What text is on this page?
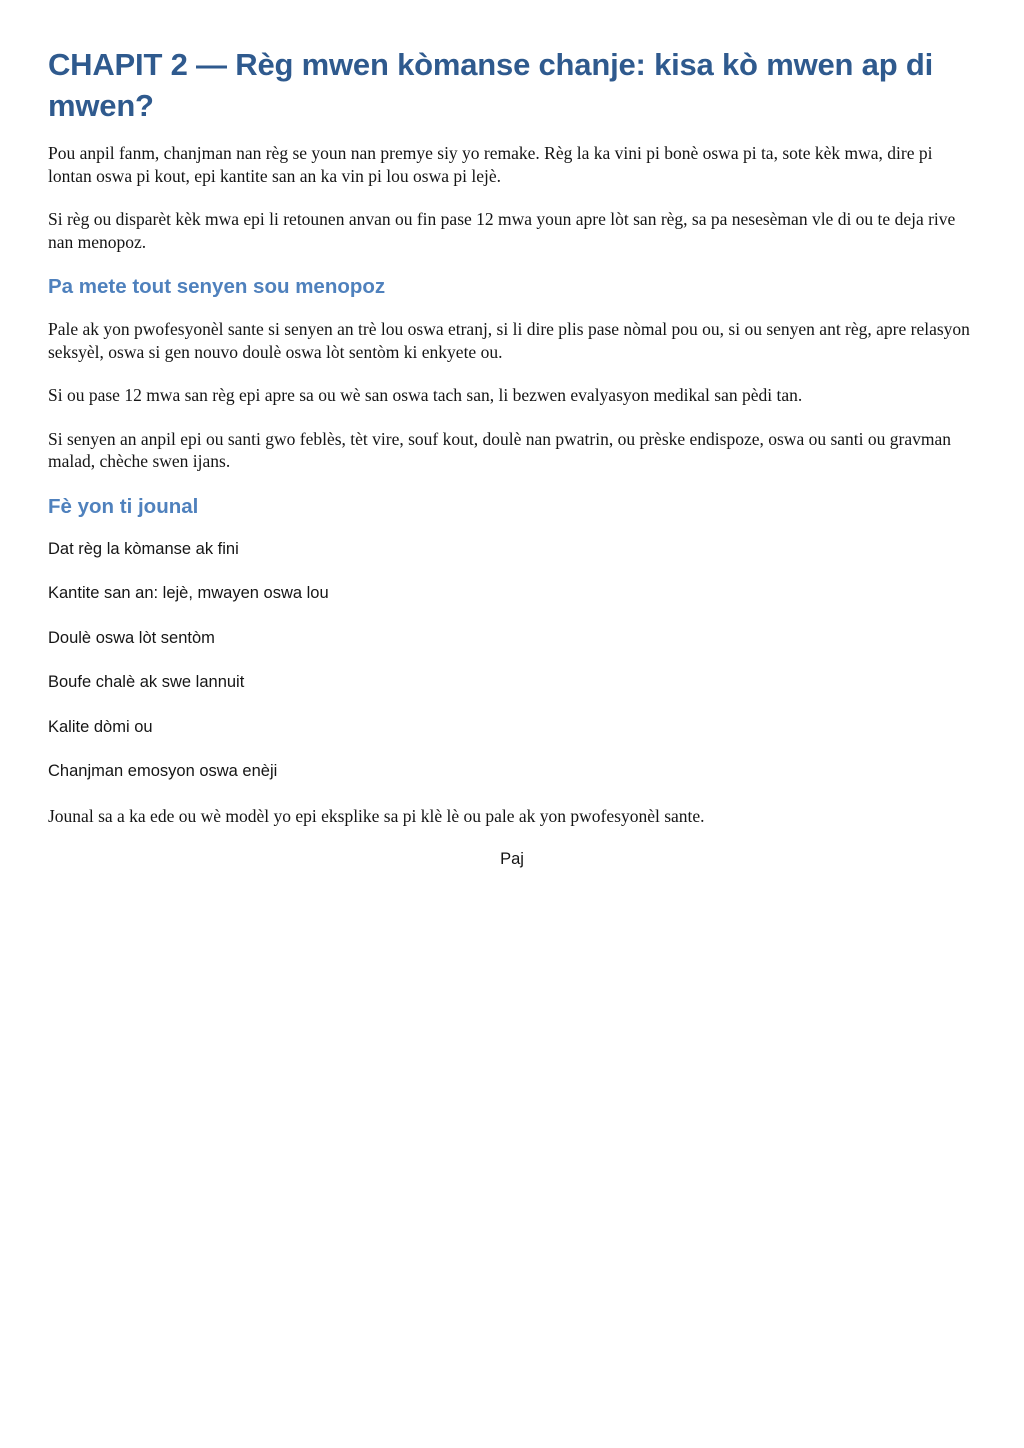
CHAPIT 2 — Règ mwen kòmanse chanje: kisa kò mwen ap di mwen?

Pou anpil fanm, chanjman nan règ se youn nan premye siy yo remake. Règ la ka vini pi bonè oswa pi ta, sote kèk mwa, dire pi lontan oswa pi kout, epi kantite san an ka vin pi lou oswa pi lejè.

Si règ ou disparèt kèk mwa epi li retounen anvan ou fin pase 12 mwa youn apre lòt san règ, sa pa nesesèman vle di ou te deja rive nan menopoz.

Pa mete tout senyen sou menopoz

Pale ak yon pwofesyonèl sante si senyen an trè lou oswa etranj, si li dire plis pase nòmal pou ou, si ou senyen ant règ, apre relasyon seksyèl, oswa si gen nouvo doulè oswa lòt sentòm ki enkyete ou.

Si ou pase 12 mwa san règ epi apre sa ou wè san oswa tach san, li bezwen evalyasyon medikal san pèdi tan.

Si senyen an anpil epi ou santi gwo feblès, tèt vire, souf kout, doulè nan pwatrin, ou prèske endispoze, oswa ou santi ou gravman malad, chèche swen ijans.

Fè yon ti jounal

Dat règ la kòmanse ak fini

Kantite san an: lejè, mwayen oswa lou

Doulè oswa lòt sentòm

Boufe chalè ak swe lannuit

Kalite dòmi ou

Chanjman emosyon oswa enèji

Jounal sa a ka ede ou wè modèl yo epi eksplike sa pi klè lè ou pale ak yon pwofesyonèl sante.

Paj
